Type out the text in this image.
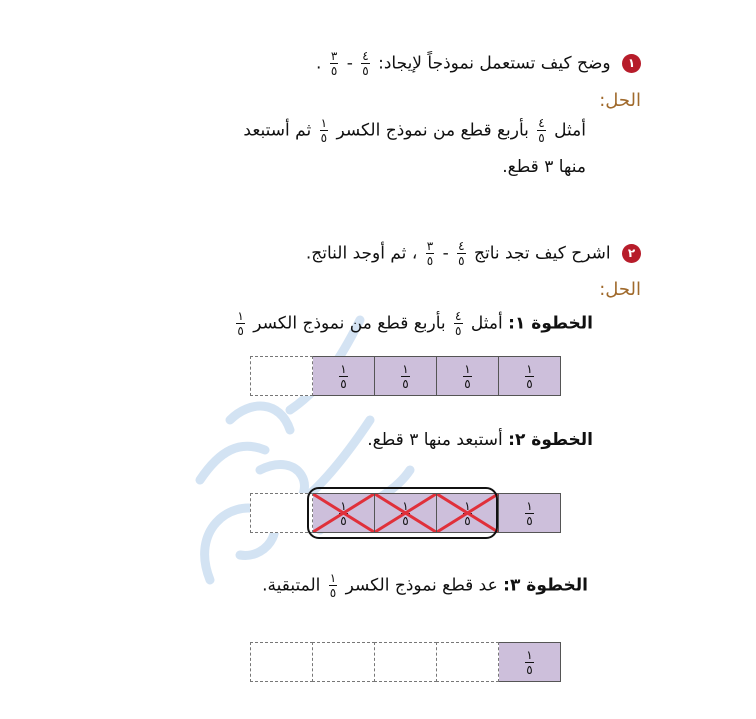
١ وضح كيف تستعمل نموذجاً لإيجاد:
$\frac{٤}{٥}$
-
$\frac{٣}{٥}$
.
الحل:
أمثل
$\frac{٤}{٥}$
بأربع قطع من نموذج الكسر
$\frac{١}{٥}$
ثم أستبعد
منها ٣ قطع.
٢ اشرح كيف تجد ناتج
$\frac{٤}{٥}$
-
$\frac{٣}{٥}$
، ثم أوجد الناتج.
الحل:
الخطوة ١: أمثل
$\frac{٤}{٥}$
بأربع قطع من نموذج الكسر
$\frac{١}{٥}$
$\frac{١}{٥}$
$\frac{١}{٥}$
$\frac{١}{٥}$
$\frac{١}{٥}$
الخطوة ٢: أستبعد منها ٣ قطع.
$\frac{١}{٥}$
$\frac{١}{٥}$
$\frac{١}{٥}$
$\frac{١}{٥}$
الخطوة ٣: عد قطع نموذج الكسر
$\frac{١}{٥}$
المتبقية.
$\frac{١}{٥}$
